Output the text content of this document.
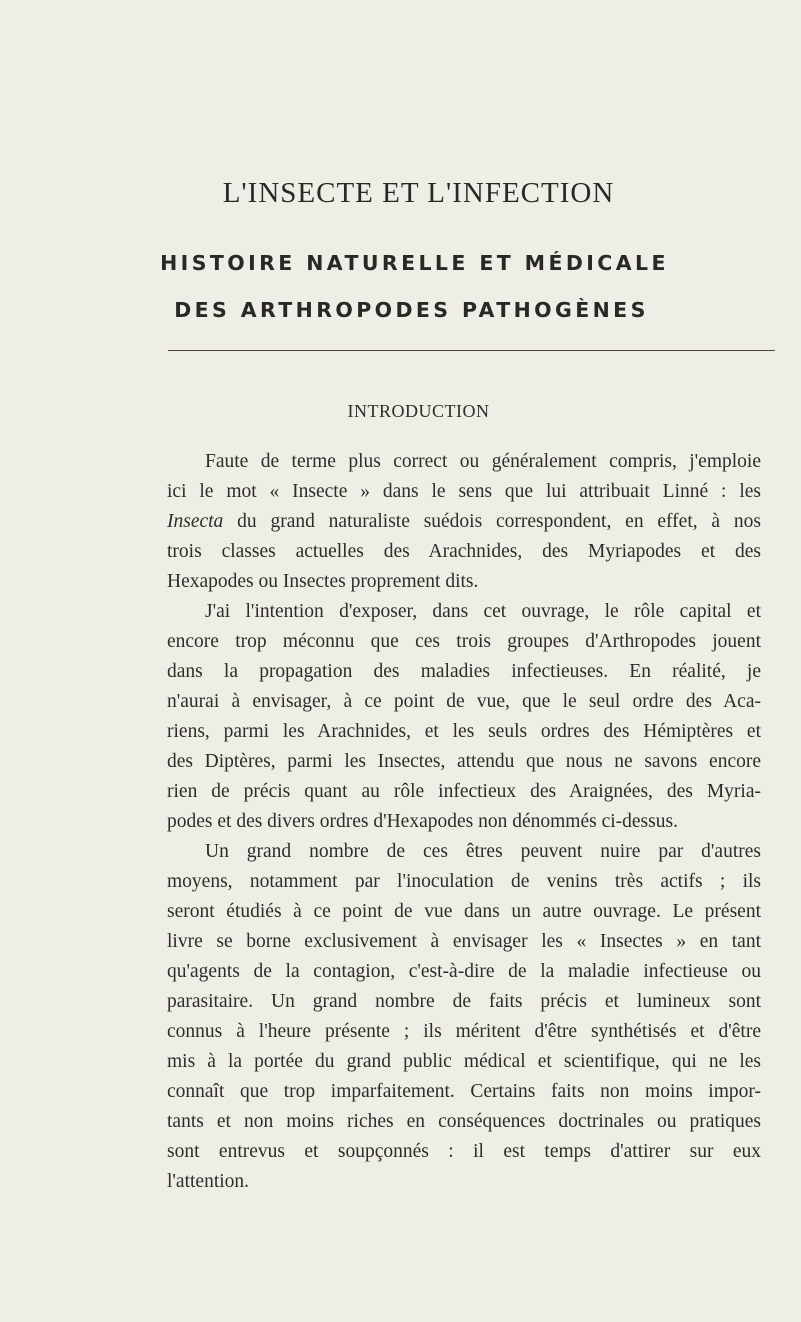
L'INSECTE ET L'INFECTION
HISTOIRE NATURELLE ET MÉDICALE
DES ARTHROPODES PATHOGÈNES
INTRODUCTION
Faute de terme plus correct ou généralement compris, j'emploie
ici le mot « Insecte » dans le sens que lui attribuait Linné : les
Insecta du grand naturaliste suédois correspondent, en effet, à nos
trois classes actuelles des Arachnides, des Myriapodes et des
Hexapodes ou Insectes proprement dits.
J'ai l'intention d'exposer, dans cet ouvrage, le rôle capital et
encore trop méconnu que ces trois groupes d'Arthropodes jouent
dans la propagation des maladies infectieuses. En réalité, je
n'aurai à envisager, à ce point de vue, que le seul ordre des Aca-
riens, parmi les Arachnides, et les seuls ordres des Hémiptères et
des Diptères, parmi les Insectes, attendu que nous ne savons encore
rien de précis quant au rôle infectieux des Araignées, des Myria-
podes et des divers ordres d'Hexapodes non dénommés ci-dessus.
Un grand nombre de ces êtres peuvent nuire par d'autres
moyens, notamment par l'inoculation de venins très actifs ; ils
seront étudiés à ce point de vue dans un autre ouvrage. Le présent
livre se borne exclusivement à envisager les « Insectes » en tant
qu'agents de la contagion, c'est-à-dire de la maladie infectieuse ou
parasitaire. Un grand nombre de faits précis et lumineux sont
connus à l'heure présente ; ils méritent d'être synthétisés et d'être
mis à la portée du grand public médical et scientifique, qui ne les
connaît que trop imparfaitement. Certains faits non moins impor-
tants et non moins riches en conséquences doctrinales ou pratiques
sont entrevus et soupçonnés : il est temps d'attirer sur eux
l'attention.
